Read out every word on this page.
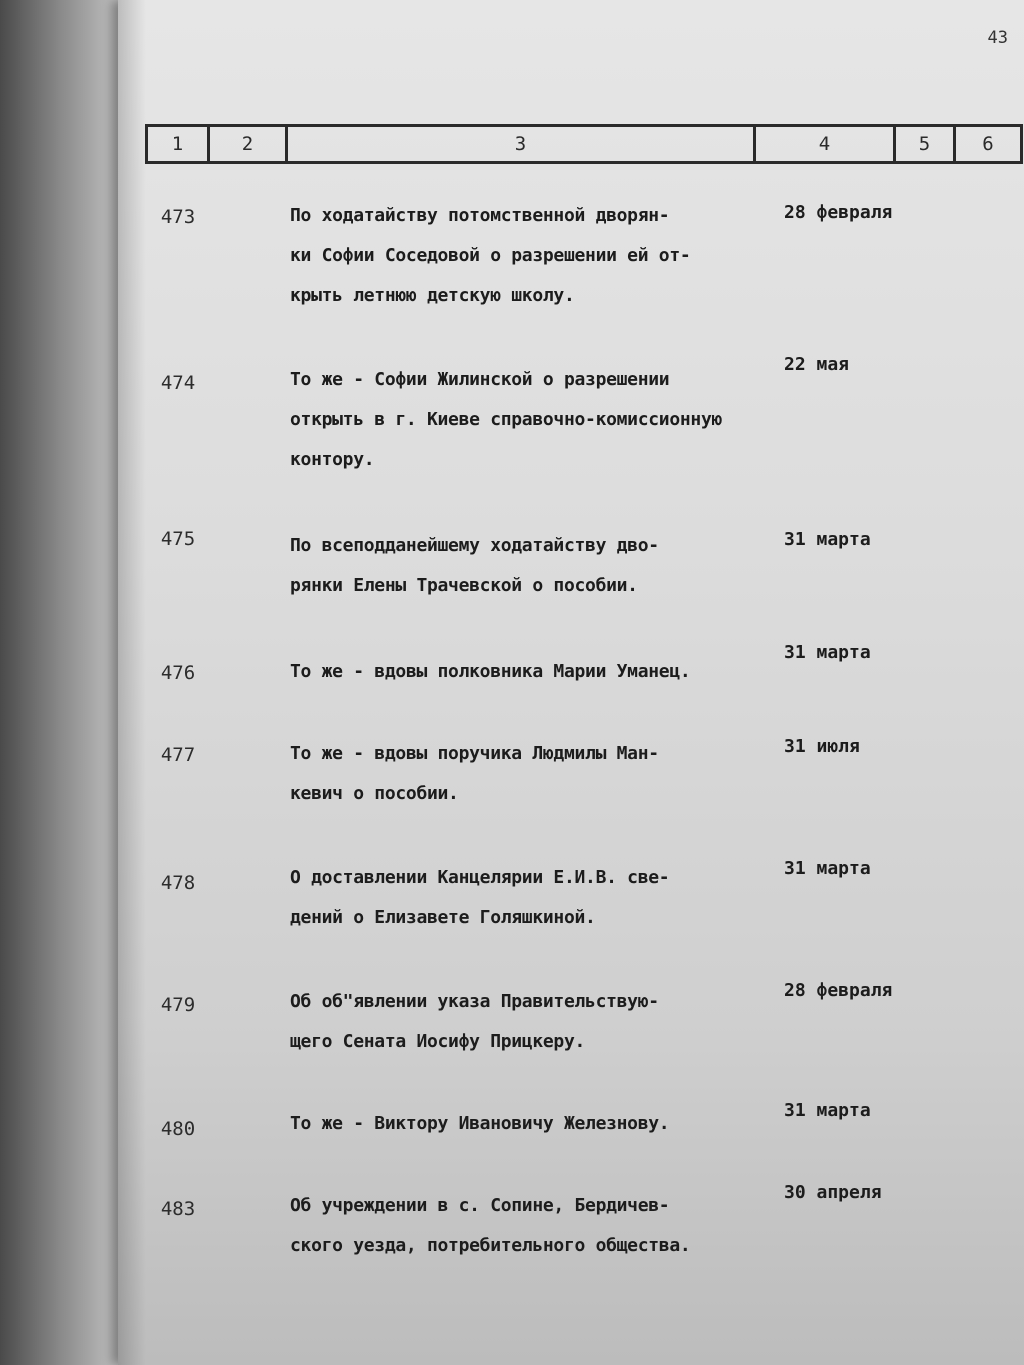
43
1	2	3	4	5	6
473	По ходатайству потомственной дворян-
ки Софии Соседовой о разрешении ей от-
крыть летнюю детскую школу.
28 февраля
474	То же - Софии Жилинской о разрешении
открыть в г. Киеве справочно-комиссионную
контору.
22 мая
475	По всеподданейшему ходатайству дво-
рянки Елены Трачевской о пособии.
31 марта
476	То же - вдовы полковника Марии Уманец.
31 марта
477	То же - вдовы поручика Людмилы Ман-
кевич о пособии.
31 июля
478	О доставлении Канцелярии Е.И.В. све-
дений о Елизавете Голяшкиной.
31 марта
479	Об об"явлении указа Правительствую-
щего Сената Иосифу Прицкеру.
28 февраля
480	То же - Виктору Ивановичу Железнову.
31 марта
483	Об учреждении в с. Сопине, Бердичев-
ского уезда, потребительного общества.
30 апреля
